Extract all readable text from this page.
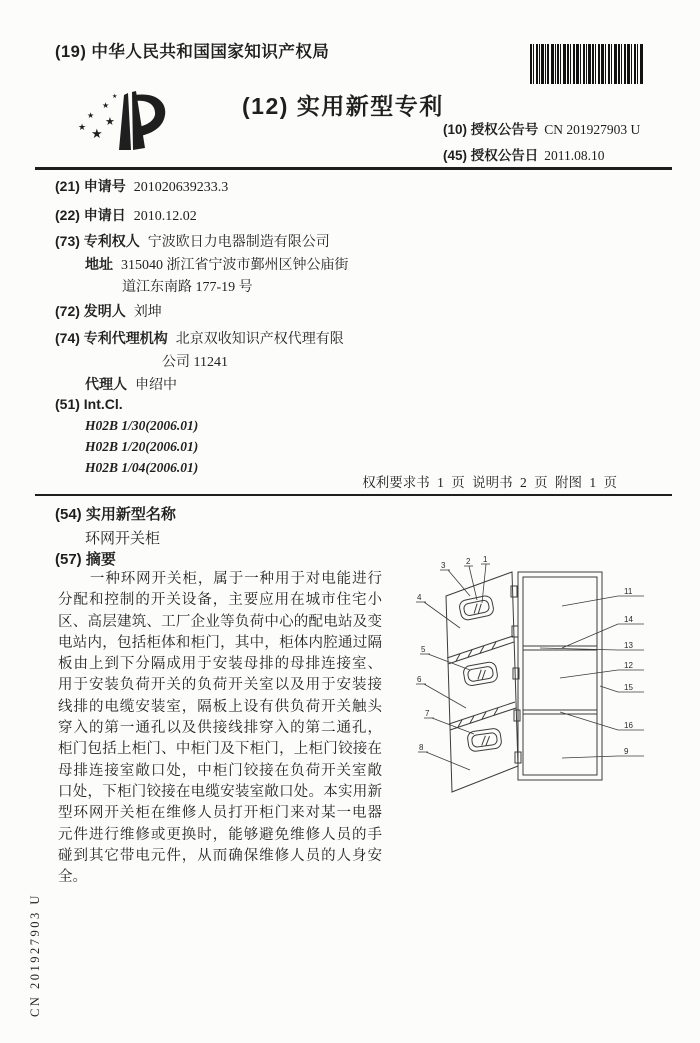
(19) 中华人民共和国国家知识产权局
★
★
★
★
★
★	(12) 实用新型专利
(10) 授权公告号 CN 201927903 U
(45) 授权公告日 2011.08.10
(21) 申请号 201020639233.3
(22) 申请日 2010.12.02
(73) 专利权人 宁波欧日力电器制造有限公司
地址 315040 浙江省宁波市鄞州区钟公庙街
道江东南路 177-19 号
(72) 发明人 刘坤
(74) 专利代理机构 北京双收知识产权代理有限
公司 11241
代理人 申绍中
(51) Int.Cl.
H02B 1/30(2006.01)
H02B 1/20(2006.01)
H02B 1/04(2006.01)
权利要求书 1 页 说明书 2 页 附图 1 页
(54) 实用新型名称
环网开关柜
(57) 摘要
一种环网开关柜，属于一种用于对电能进行
分配和控制的开关设备，主要应用在城市住宅小
区、高层建筑、工厂企业等负荷中心的配电站及变
电站内，包括柜体和柜门，其中，柜体内腔通过隔
板由上到下分隔成用于安装母排的母排连接室、
用于安装负荷开关的负荷开关室以及用于安装接
线排的电缆安装室，隔板上设有供负荷开关触头
穿入的第一通孔以及供接线排穿入的第二通孔，
柜门包括上柜门、中柜门及下柜门，上柜门铰接在
母排连接室敞口处，中柜门铰接在负荷开关室敞
口处，下柜门铰接在电缆安装室敞口处。本实用新
型环网开关柜在维修人员打开柜门来对某一电器
元件进行维修或更换时，能够避免维修人员的手
碰到其它带电元件，从而确保维修人员的人身安
全。
3	2 1
4
5
6
7
8
11
14
13
12
15
16
9
CN 201927903 U
